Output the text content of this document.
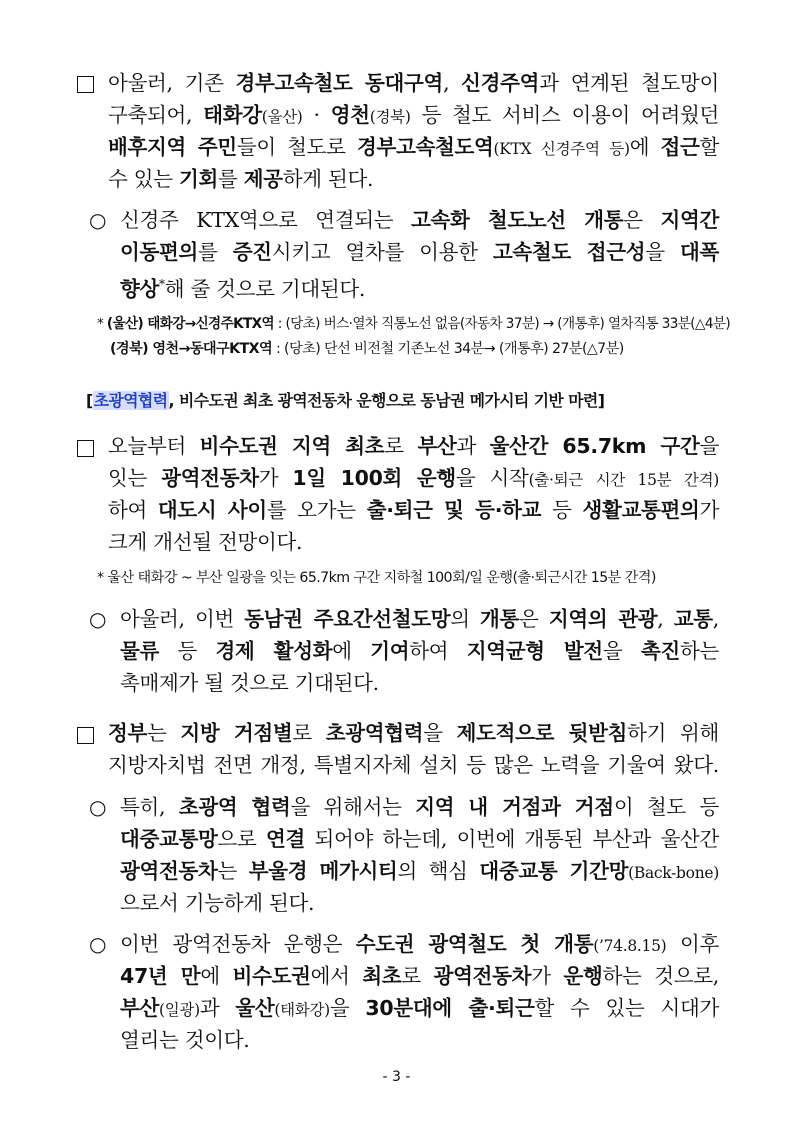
아울러, 기존 경부고속철도 동대구역, 신경주역과 연계된 철도망이
구축되어, 태화강(울산) · 영천(경북) 등 철도 서비스 이용이 어려웠던
배후지역 주민들이 철도로 경부고속철도역(KTX 신경주역 등)에 접근할
수 있는 기회를 제공하게 된다.
○ 신경주 KTX역으로 연결되는 고속화 철도노선 개통은 지역간
이동편의를 증진시키고 열차를 이용한 고속철도 접근성을 대폭
향상*해 줄 것으로 기대된다.
* (울산) 태화강→신경주KTX역 : (당초) 버스·열차 직통노선 없음(자동차 37분) → (개통후) 열차직통 33분(△4분)
(경북) 영천→동대구KTX역 : (당초) 단선 비전철 기존노선 34분→ (개통후) 27분(△7분)
[초광역협력, 비수도권 최초 광역전동차 운행으로 동남권 메가시티 기반 마련]
오늘부터 비수도권 지역 최초로 부산과 울산간 65.7km 구간을
잇는 광역전동차가 1일 100회 운행을 시작(출·퇴근 시간 15분 간격)
하여 대도시 사이를 오가는 출·퇴근 및 등·하교 등 생활교통편의가
크게 개선될 전망이다.
* 울산 태화강 ~ 부산 일광을 잇는 65.7km 구간 지하철 100회/일 운행(출·퇴근시간 15분 간격)
○ 아울러, 이번 동남권 주요간선철도망의 개통은 지역의 관광, 교통,
물류 등 경제 활성화에 기여하여 지역균형 발전을 촉진하는
촉매제가 될 것으로 기대된다.
정부는 지방 거점별로 초광역협력을 제도적으로 뒷받침하기 위해
지방자치법 전면 개정, 특별지자체 설치 등 많은 노력을 기울여 왔다.
○ 특히, 초광역 협력을 위해서는 지역 내 거점과 거점이 철도 등
대중교통망으로 연결 되어야 하는데, 이번에 개통된 부산과 울산간
광역전동차는 부울경 메가시티의 핵심 대중교통 기간망(Back-bone)
으로서 기능하게 된다.
○ 이번 광역전동차 운행은 수도권 광역철도 첫 개통(’74.8.15) 이후
47년 만에 비수도권에서 최초로 광역전동차가 운행하는 것으로,
부산(일광)과 울산(태화강)을 30분대에 출·퇴근할 수 있는 시대가
열리는 것이다.
- 3 -
